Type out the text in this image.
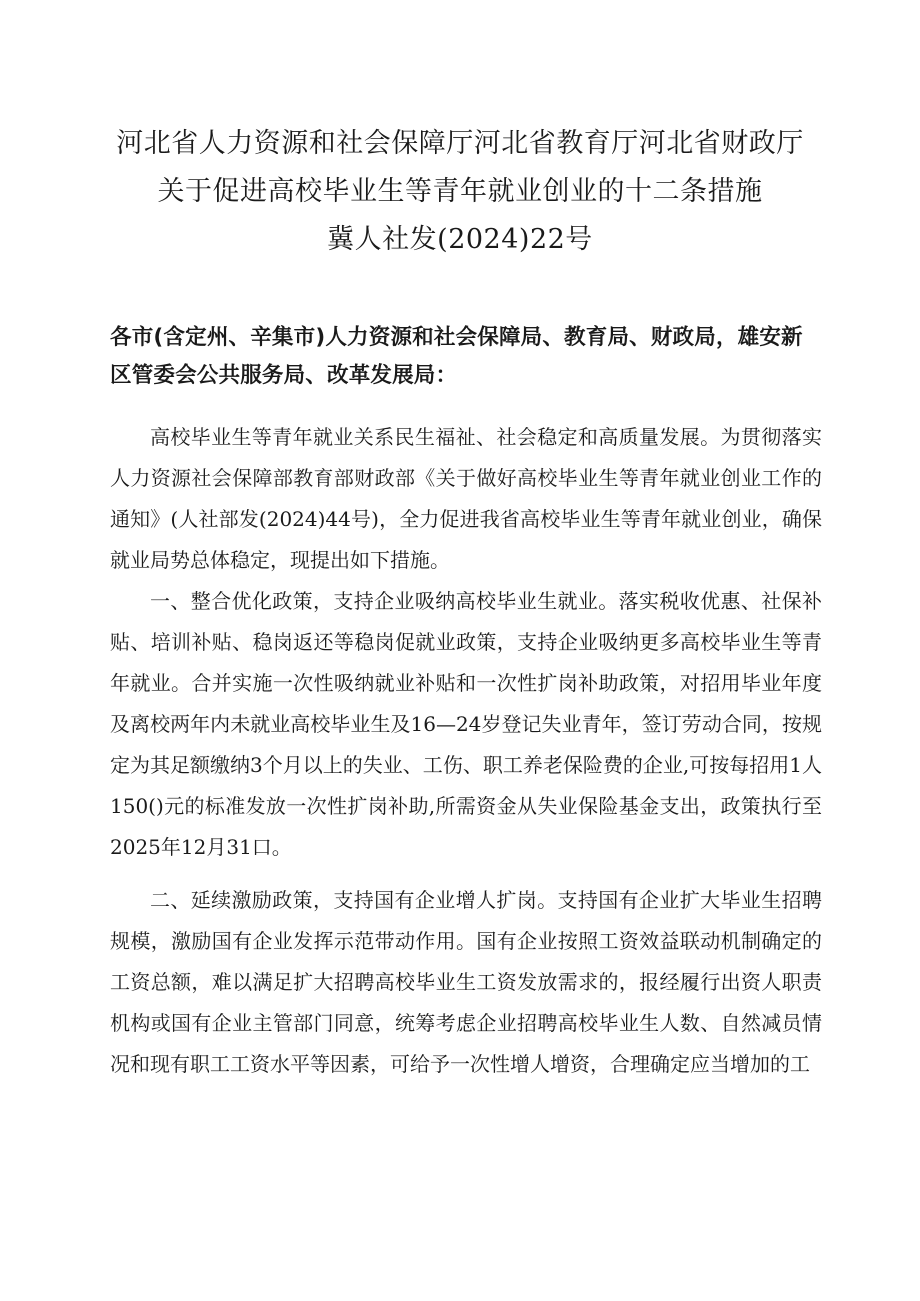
河北省人力资源和社会保障厅河北省教育厅河北省财政厅
关于促进高校毕业生等青年就业创业的十二条措施
冀人社发(2024)22号
各市(含定州、辛集市)人力资源和社会保障局、教育局、财政局，雄安新区管委会公共服务局、改革发展局：

高校毕业生等青年就业关系民生福祉、社会稳定和高质量发展。为贯彻落实人力资源社会保障部教育部财政部《关于做好高校毕业生等青年就业创业工作的通知》(人社部发(2024)44号)，全力促进我省高校毕业生等青年就业创业，确保就业局势总体稳定，现提出如下措施。

一、整合优化政策，支持企业吸纳高校毕业生就业。落实税收优惠、社保补贴、培训补贴、稳岗返还等稳岗促就业政策，支持企业吸纳更多高校毕业生等青年就业。合并实施一次性吸纳就业补贴和一次性扩岗补助政策，对招用毕业年度及离校两年内未就业高校毕业生及16—24岁登记失业青年，签订劳动合同，按规定为其足额缴纳3个月以上的失业、工伤、职工养老保险费的企业,可按每招用1人150()元的标准发放一次性扩岗补助,所需资金从失业保险基金支出，政策执行至2025年12月31口。

二、延续激励政策，支持国有企业增人扩岗。支持国有企业扩大毕业生招聘规模，激励国有企业发挥示范带动作用。国有企业按照工资效益联动机制确定的工资总额，难以满足扩大招聘高校毕业生工资发放需求的，报经履行出资人职责机构或国有企业主管部门同意，统筹考虑企业招聘高校毕业生人数、自然减员情况和现有职工工资水平等因素，可给予一次性增人增资，合理确定应当增加的工
